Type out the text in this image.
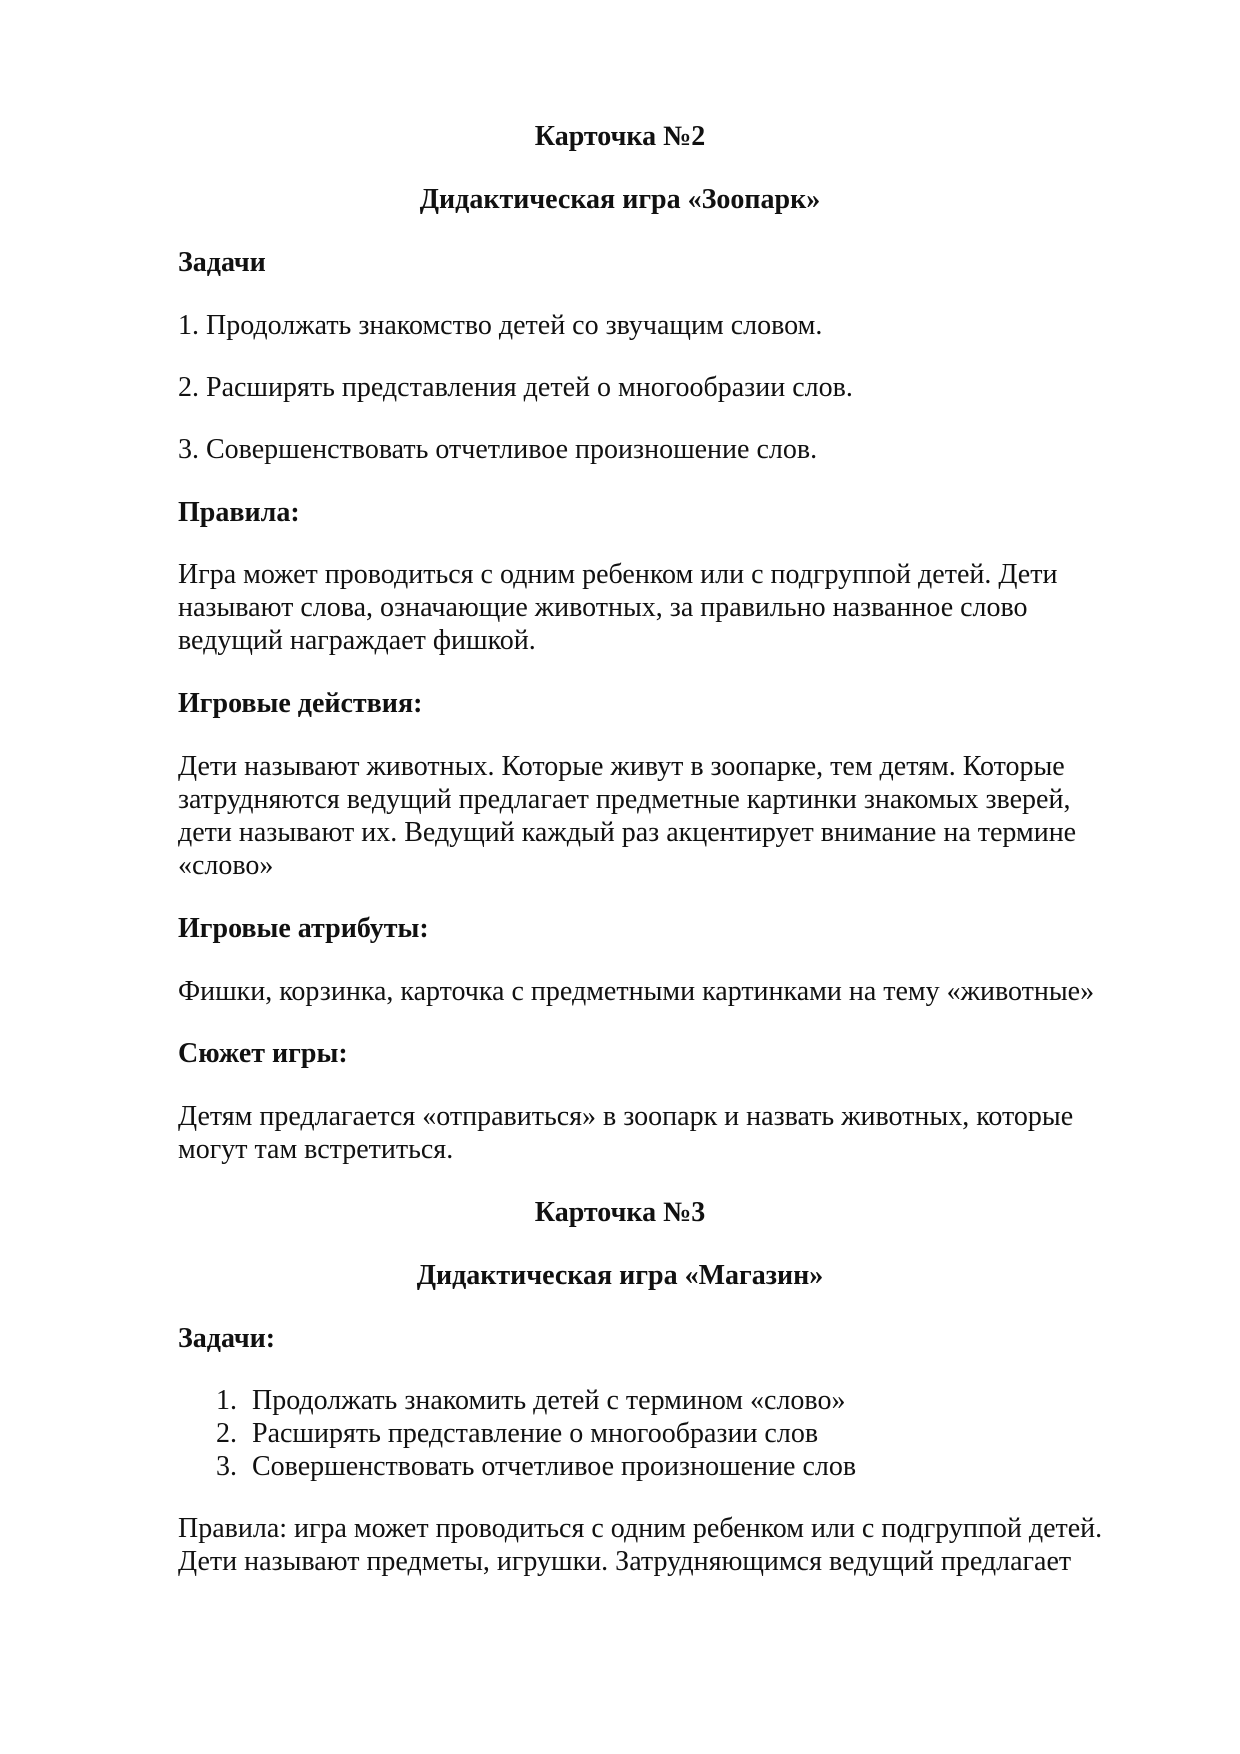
Карточка №2
Дидактическая игра «Зоопарк»
Задачи
1. Продолжать знакомство детей со звучащим словом.
2. Расширять представления детей о многообразии слов.
3. Совершенствовать отчетливое произношение слов.
Правила:
Игра может проводиться с одним ребенком или с подгруппой детей. Дети
называют слова, означающие животных, за правильно названное слово
ведущий награждает фишкой.
Игровые действия:
Дети называют животных. Которые живут в зоопарке, тем детям. Которые
затрудняются ведущий предлагает предметные картинки знакомых зверей,
дети называют их. Ведущий каждый раз акцентирует внимание на термине
«слово»
Игровые атрибуты:
Фишки, корзинка, карточка с предметными картинками на тему «животные»
Сюжет игры:
Детям предлагается «отправиться» в зоопарк и назвать животных, которые
могут там встретиться.
Карточка №3
Дидактическая игра «Магазин»
Задачи:
1. Продолжать знакомить детей с термином «слово»
2. Расширять представление о многообразии слов
3. Совершенствовать отчетливое произношение слов
Правила: игра может проводиться с одним ребенком или с подгруппой детей.
Дети называют предметы, игрушки. Затрудняющимся ведущий предлагает
